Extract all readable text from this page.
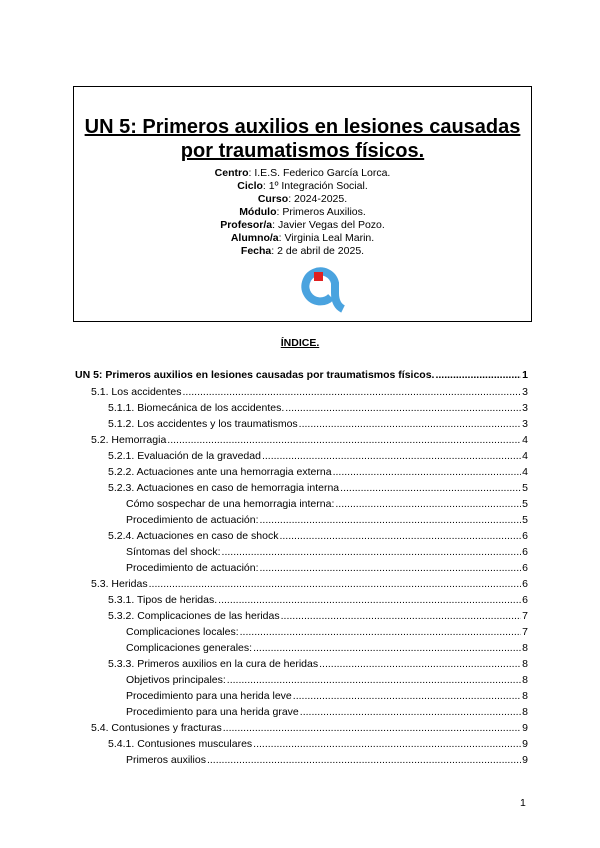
UN 5: Primeros auxilios en lesiones causadas
por traumatismos físicos.
Centro: I.E.S. Federico García Lorca.
Ciclo: 1º Integración Social.
Curso: 2024-2025.
Módulo: Primeros Auxilios.
Profesor/a: Javier Vegas del Pozo.
Alumno/a: Virginia Leal Marin.
Fecha: 2 de abril de 2025.
ÍNDICE.
UN 5: Primeros auxilios en lesiones causadas por traumatismos físicos. .....	1
5.1. Los accidentes .....	3
5.1.1. Biomecánica de los accidentes. .....	3
5.1.2. Los accidentes y los traumatismos .....	3
5.2. Hemorragia .....	4
5.2.1. Evaluación de la gravedad .....	4
5.2.2. Actuaciones ante una hemorragia externa .....	4
5.2.3. Actuaciones en caso de hemorragia interna .....	5
Cómo sospechar de una hemorragia interna: .....	5
Procedimiento de actuación: .....	5
5.2.4. Actuaciones en caso de shock .....	6
Síntomas del shock: .....	6
Procedimiento de actuación: .....	6
5.3. Heridas .....	6
5.3.1. Tipos de heridas. .....	6
5.3.2. Complicaciones de las heridas .....	7
Complicaciones locales: .....	7
Complicaciones generales: .....	8
5.3.3. Primeros auxilios en la cura de heridas .....	8
Objetivos principales: .....	8
Procedimiento para una herida leve .....	8
Procedimiento para una herida grave .....	8
5.4. Contusiones y fracturas .....	9
5.4.1. Contusiones musculares .....	9
Primeros auxilios .....	9
1
